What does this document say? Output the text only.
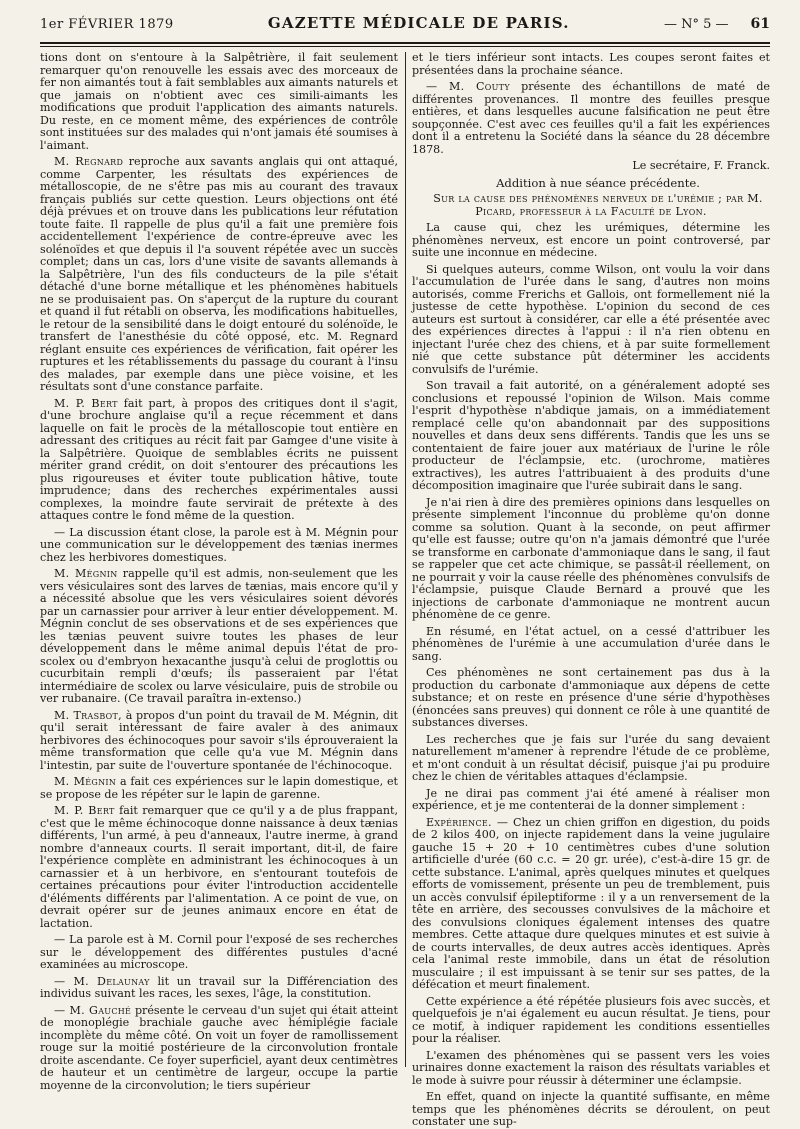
1er FÉVRIER 1879	GAZETTE MÉDICALE DE PARIS.	— N° 5 — 61

tions dont on s'entoure à la Salpêtrière, il fait seulement remarquer qu'on renouvelle les essais avec des morceaux de fer non aimantés tout à fait semblables aux aimants naturels et que jamais on n'obtient avec ces simili-aimants les modifications que produit l'application des aimants naturels. Du reste, en ce moment même, des expériences de contrôle sont instituées sur des malades qui n'ont jamais été soumises à l'aimant.

M. Regnard reproche aux savants anglais qui ont attaqué, comme Carpenter, les résultats des expériences de métalloscopie, de ne s'être pas mis au courant des travaux français publiés sur cette question. Leurs objections ont été déjà prévues et on trouve dans les publications leur réfutation toute faite. Il rappelle de plus qu'il a fait une première fois accidentellement l'expérience de contre-épreuve avec les solénoïdes et que depuis il l'a souvent répétée avec un succès complet; dans un cas, lors d'une visite de savants allemands à la Salpêtrière, l'un des fils conducteurs de la pile s'était détaché d'une borne métallique et les phénomènes habituels ne se produisaient pas. On s'aperçut de la rupture du courant et quand il fut rétabli on observa, les modifications habituelles, le retour de la sensibilité dans le doigt entouré du solénoïde, le transfert de l'anesthésie du côté opposé, etc. M. Regnard réglant ensuite ces expériences de vérification, fait opérer les ruptures et les rétablissements du passage du courant à l'insu des malades, par exemple dans une pièce voisine, et les résultats sont d'une constance parfaite.

M. P. Bert fait part, à propos des critiques dont il s'agit, d'une brochure anglaise qu'il a reçue récemment et dans laquelle on fait le procès de la métalloscopie tout entière en adressant des critiques au récit fait par Gamgee d'une visite à la Salpêtrière. Quoique de semblables écrits ne puissent mériter grand crédit, on doit s'entourer des précautions les plus rigoureuses et éviter toute publication hâtive, toute imprudence; dans des recherches expérimentales aussi complexes, la moindre faute servirait de prétexte à des attaques contre le fond même de la question.

— La discussion étant close, la parole est à M. Mégnin pour une communication sur le développement des tænias inermes chez les herbivores domestiques.

M. Mégnin rappelle qu'il est admis, non-seulement que les vers vésiculaires sont des larves de tænias, mais encore qu'il y a nécessité absolue que les vers vésiculaires soient dévorés par un carnassier pour arriver à leur entier développement. M. Mégnin conclut de ses observations et de ses expériences que les tænias peuvent suivre toutes les phases de leur développement dans le même animal depuis l'état de pro-scolex ou d'embryon hexacanthe jusqu'à celui de proglottis ou cucurbitain rempli d'œufs; ils passeraient par l'état intermédiaire de scolex ou larve vésiculaire, puis de strobile ou ver rubanaire. (Ce travail paraîtra in-extenso.)

M. Trasbot, à propos d'un point du travail de M. Mégnin, dit qu'il serait intéressant de faire avaler à des animaux herbivores des échinocoques pour savoir s'ils éprouveraient la même transformation que celle qu'a vue M. Mégnin dans l'intestin, par suite de l'ouverture spontanée de l'échinocoque.

M. Mégnin a fait ces expériences sur le lapin domestique, et se propose de les répéter sur le lapin de garenne.

M. P. Bert fait remarquer que ce qu'il y a de plus frappant, c'est que le même échinocoque donne naissance à deux tænias différents, l'un armé, à peu d'anneaux, l'autre inerme, à grand nombre d'anneaux courts. Il serait important, dit-il, de faire l'expérience complète en administrant les échinocoques à un carnassier et à un herbivore, en s'entourant toutefois de certaines précautions pour éviter l'introduction accidentelle d'éléments différents par l'alimentation. A ce point de vue, on devrait opérer sur de jeunes animaux encore en état de lactation.

— La parole est à M. Cornil pour l'exposé de ses recherches sur le développement des différentes pustules d'acné examinées au microscope.

— M. Delaunay lit un travail sur la Différenciation des individus suivant les races, les sexes, l'âge, la constitution.

— M. Gauché présente le cerveau d'un sujet qui était atteint de monoplégie brachiale gauche avec hémiplégie faciale incomplète du même côté. On voit un foyer de ramollissement rouge sur la moitié postérieure de la circonvolution frontale droite ascendante. Ce foyer superficiel, ayant deux centimètres de hauteur et un centimètre de largeur, occupe la partie moyenne de la circonvolution; le tiers supérieur

et le tiers inférieur sont intacts. Les coupes seront faites et présentées dans la prochaine séance.

— M. Couty présente des échantillons de maté de différentes provenances. Il montre des feuilles presque entières, et dans lesquelles aucune falsification ne peut être soupçonnée. C'est avec ces feuilles qu'il a fait les expériences dont il a entretenu la Société dans la séance du 28 décembre 1878.

Le secrétaire, F. Franck.

Addition à nue séance précédente.

Sur la cause des phénomènes nerveux de l'urémie ; par M. Picard, professeur à la Faculté de Lyon.

La cause qui, chez les urémiques, détermine les phénomènes nerveux, est encore un point controversé, par suite une inconnue en médecine.

Si quelques auteurs, comme Wilson, ont voulu la voir dans l'accumulation de l'urée dans le sang, d'autres non moins autorisés, comme Frerichs et Gallois, ont formellement nié la justesse de cette hypothèse. L'opinion du second de ces auteurs est surtout à considérer, car elle a été présentée avec des expériences directes à l'appui : il n'a rien obtenu en injectant l'urée chez des chiens, et à par suite formellement nié que cette substance pût déterminer les accidents convulsifs de l'urémie.

Son travail a fait autorité, on a généralement adopté ses conclusions et repoussé l'opinion de Wilson. Mais comme l'esprit d'hypothèse n'abdique jamais, on a immédiatement remplacé celle qu'on abandonnait par des suppositions nouvelles et dans deux sens différents. Tandis que les uns se contentaient de faire jouer aux matériaux de l'urine le rôle producteur de l'éclampsie, etc. (urochrome, matières extractives), les autres l'attribuaient à des produits d'une décomposition imaginaire que l'urée subirait dans le sang.

Je n'ai rien à dire des premières opinions dans lesquelles on présente simplement l'inconnue du problème qu'on donne comme sa solution. Quant à la seconde, on peut affirmer qu'elle est fausse; outre qu'on n'a jamais démontré que l'urée se transforme en carbonate d'ammoniaque dans le sang, il faut se rappeler que cet acte chimique, se passât-il réellement, on ne pourrait y voir la cause réelle des phénomènes convulsifs de l'éclampsie, puisque Claude Bernard a prouvé que les injections de carbonate d'ammoniaque ne montrent aucun phénomène de ce genre.

En résumé, en l'état actuel, on a cessé d'attribuer les phénomènes de l'urémie à une accumulation d'urée dans le sang.

Ces phénomènes ne sont certainement pas dus à la production du carbonate d'ammoniaque aux dépens de cette substance; et on reste en présence d'une série d'hypothèses (énoncées sans preuves) qui donnent ce rôle à une quantité de substances diverses.

Les recherches que je fais sur l'urée du sang devaient naturellement m'amener à reprendre l'étude de ce problème, et m'ont conduit à un résultat décisif, puisque j'ai pu produire chez le chien de véritables attaques d'éclampsie.

Je ne dirai pas comment j'ai été amené à réaliser mon expérience, et je me contenterai de la donner simplement :

Expérience. — Chez un chien griffon en digestion, du poids de 2 kilos 400, on injecte rapidement dans la veine jugulaire gauche 15 + 20 + 10 centimètres cubes d'une solution artificielle d'urée (60 c.c. = 20 gr. urée), c'est-à-dire 15 gr. de cette substance. L'animal, après quelques minutes et quelques efforts de vomissement, présente un peu de tremblement, puis un accès convulsif épileptiforme : il y a un renversement de la tête en arrière, des secousses convulsives de la mâchoire et des convulsions cloniques également intenses des quatre membres. Cette attaque dure quelques minutes et est suivie à de courts intervalles, de deux autres accès identiques. Après cela l'animal reste immobile, dans un état de résolution musculaire ; il est impuissant à se tenir sur ses pattes, de la défécation et meurt finalement.

Cette expérience a été répétée plusieurs fois avec succès, et quelquefois je n'ai également eu aucun résultat. Je tiens, pour ce motif, à indiquer rapidement les conditions essentielles pour la réaliser.

L'examen des phénomènes qui se passent vers les voies urinaires donne exactement la raison des résultats variables et le mode à suivre pour réussir à déterminer une éclampsie.

En effet, quand on injecte la quantité suffisante, en même temps que les phénomènes décrits se déroulent, on peut constater une sup-
